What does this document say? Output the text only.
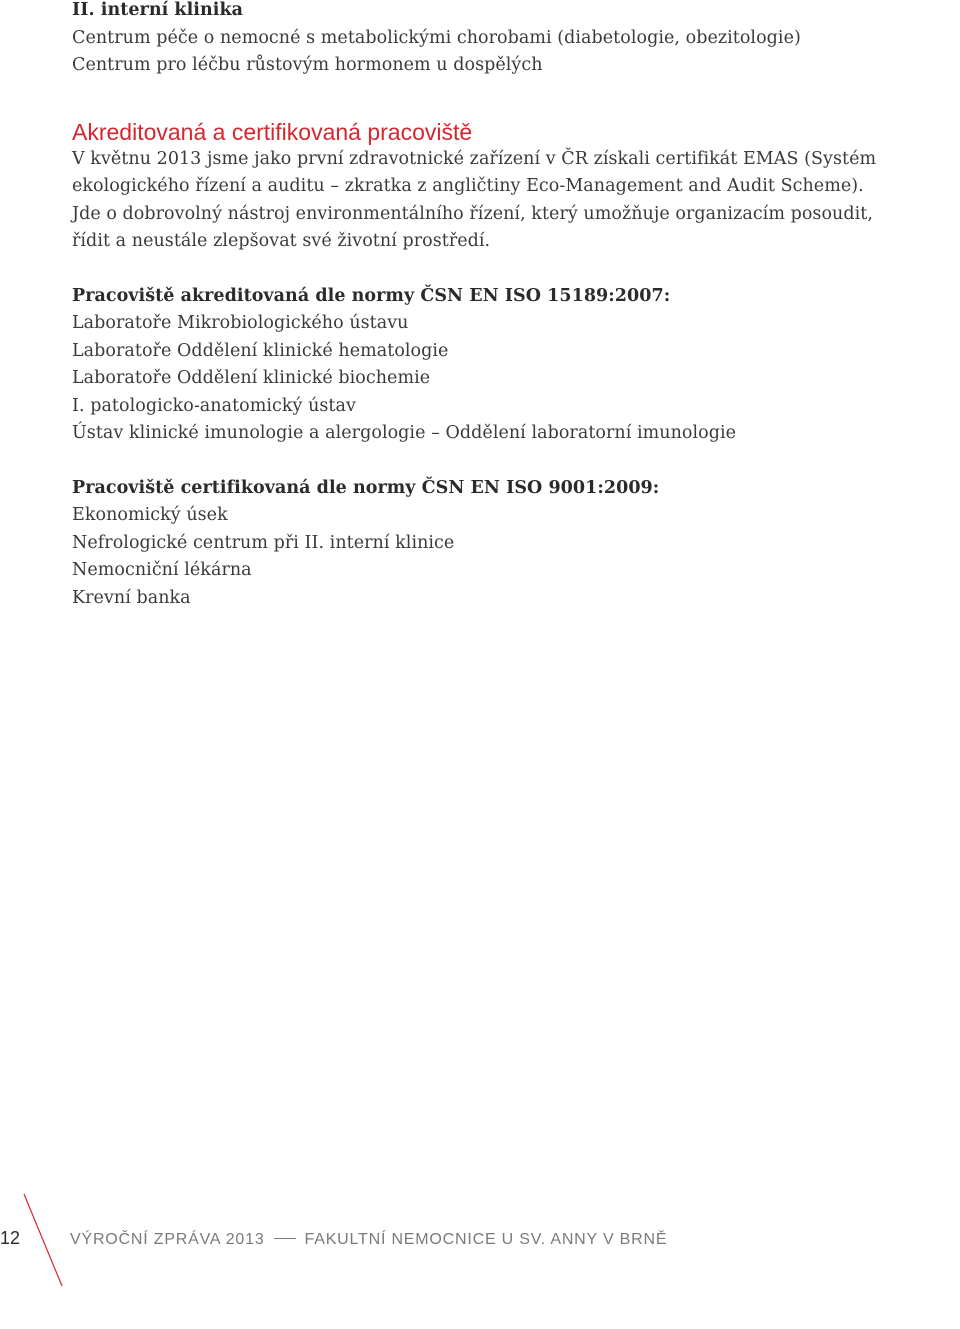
II. interní klinika
Centrum péče o nemocné s metabolickými chorobami (diabetologie, obezitologie)
Centrum pro léčbu růstovým hormonem u dospělých
Akreditovaná a certifikovaná pracoviště
V květnu 2013 jsme jako první zdravotnické zařízení v ČR získali certifikát EMAS (Systém
ekologického řízení a auditu – zkratka z angličtiny Eco-Management and Audit Scheme).
Jde o dobrovolný nástroj environmentálního řízení, který umožňuje organizacím posoudit,
řídit a neustále zlepšovat své životní prostředí.
Pracoviště akreditovaná dle normy ČSN EN ISO 15189:2007:
Laboratoře Mikrobiologického ústavu
Laboratoře Oddělení klinické hematologie
Laboratoře Oddělení klinické biochemie
I. patologicko-anatomický ústav
Ústav klinické imunologie a alergologie – Oddělení laboratorní imunologie
Pracoviště certifikovaná dle normy ČSN EN ISO 9001:2009:
Ekonomický úsek
Nefrologické centrum při II. interní klinice
Nemocniční lékárna
Krevní banka
12	VÝROČNÍ ZPRÁVA 2013	FAKULTNÍ NEMOCNICE U SV. ANNY V BRNĚ
